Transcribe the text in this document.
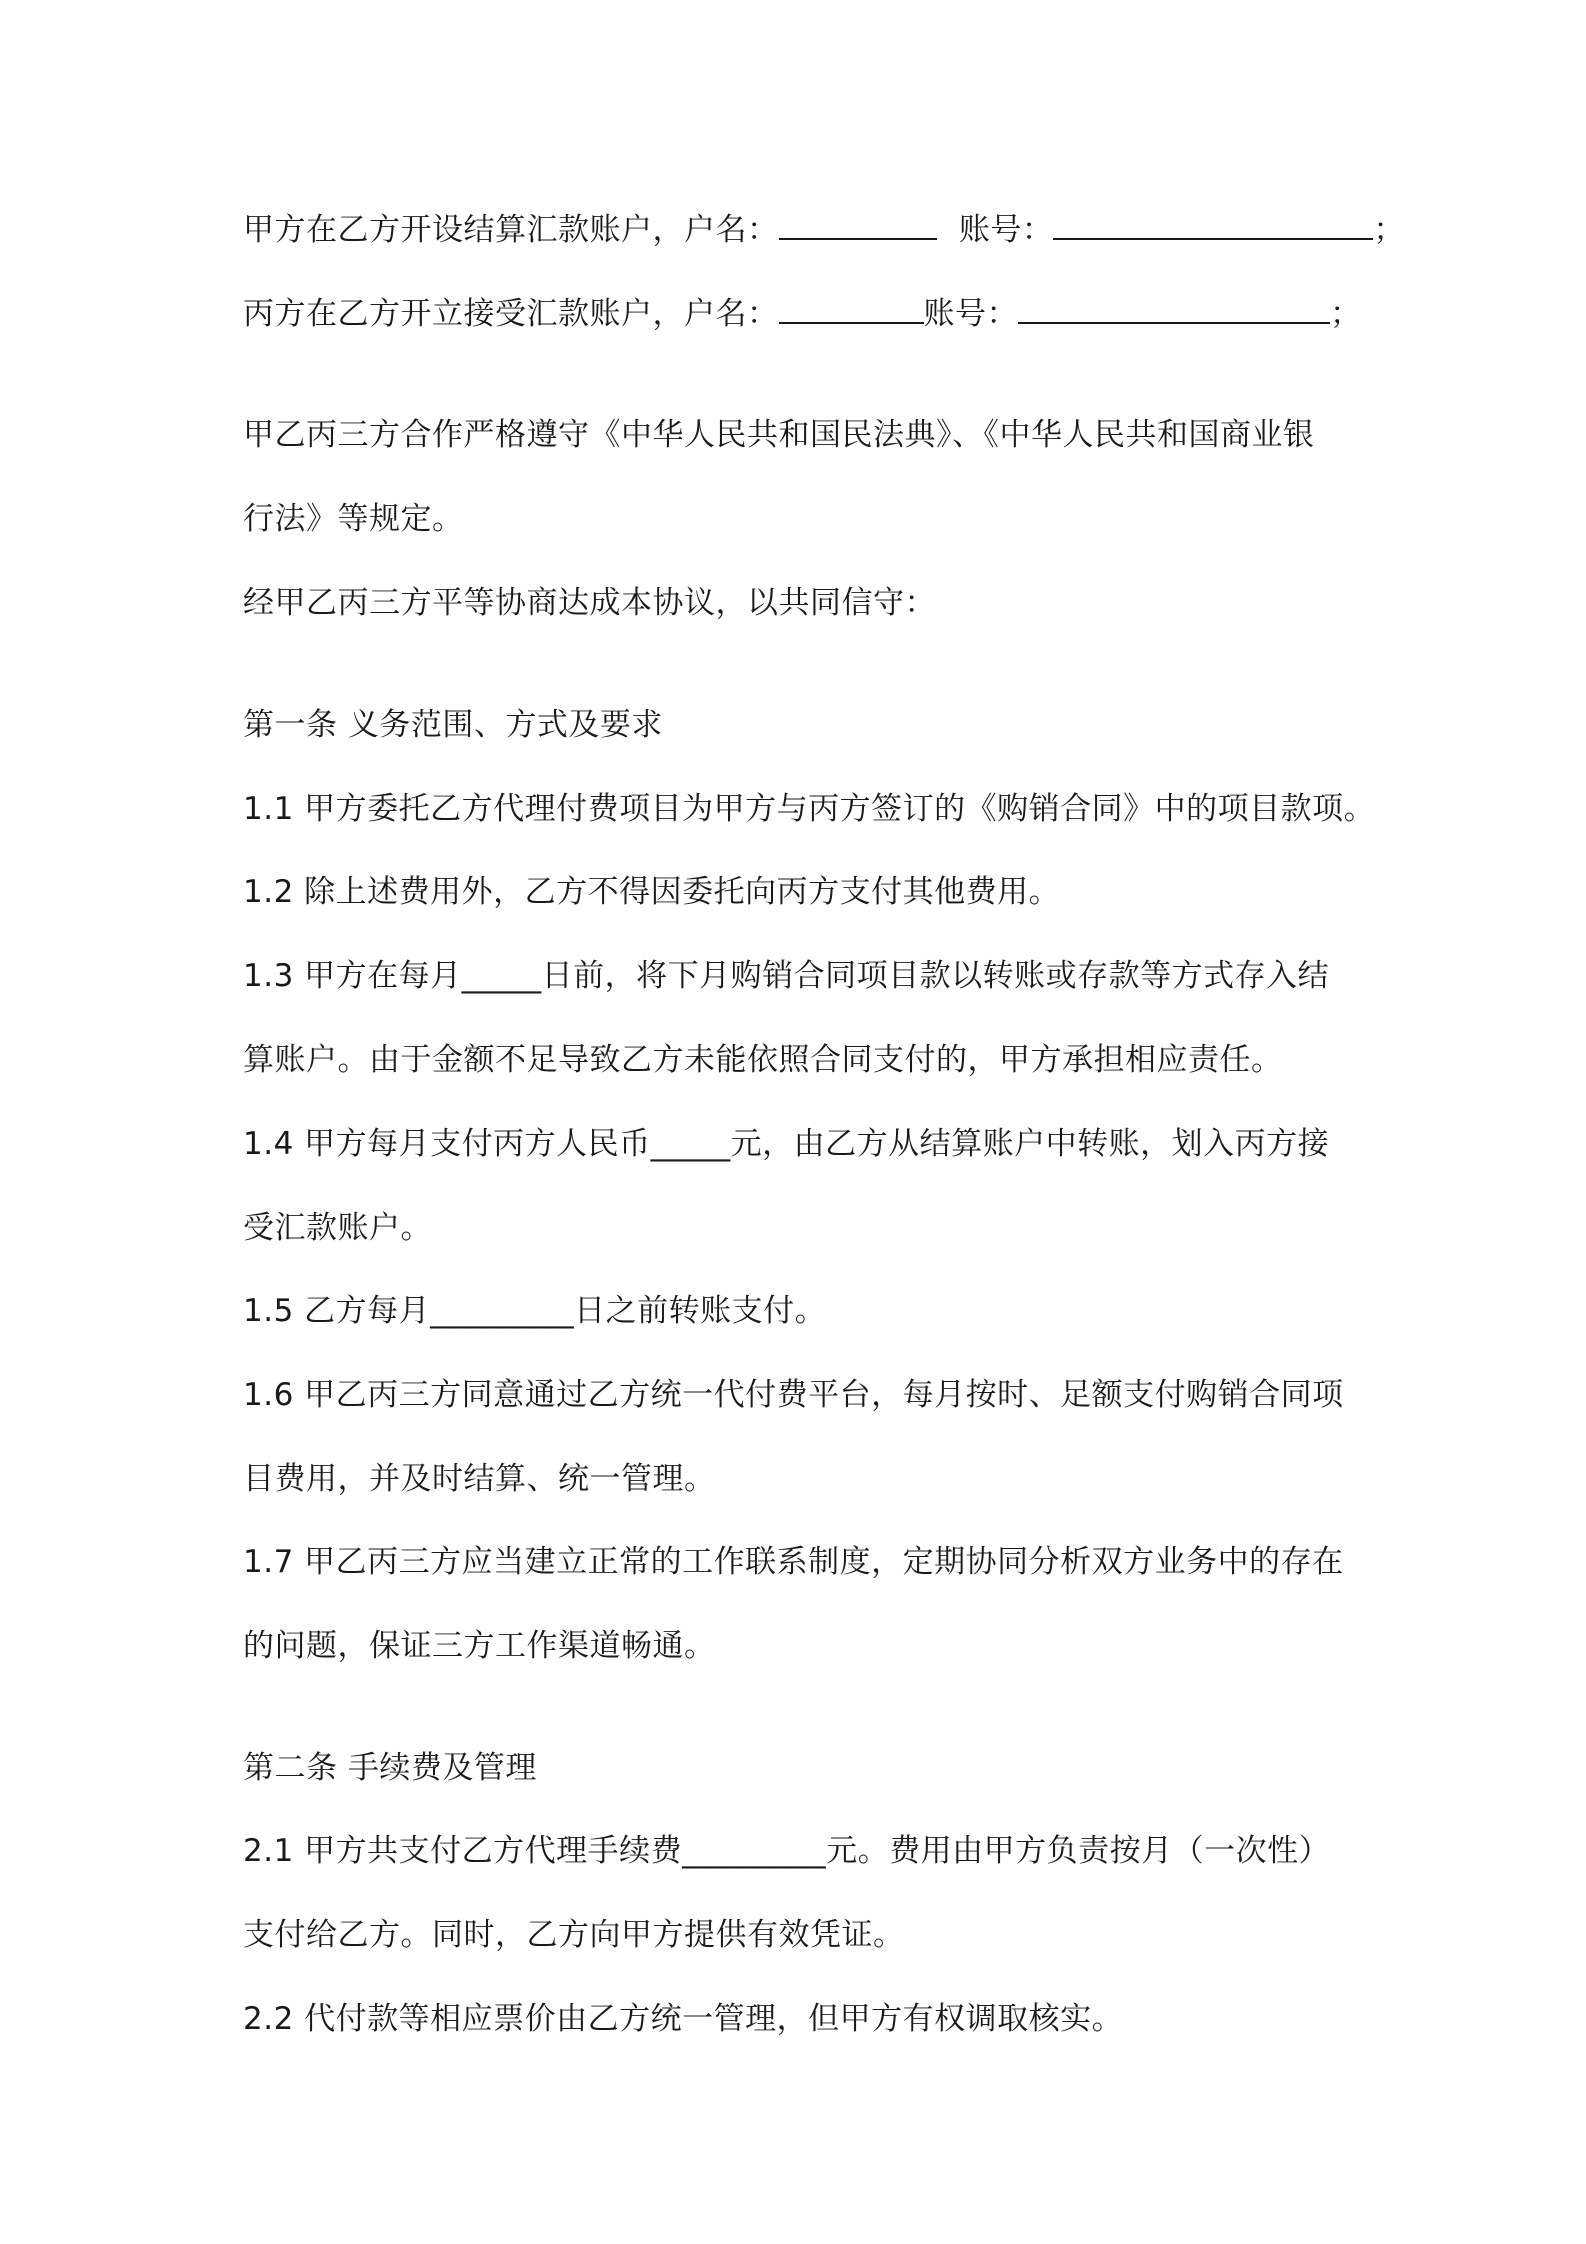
甲方在乙方开设结算汇款账户，户名：	账号：	；
丙方在乙方开立接受汇款账户，户名：	账号：	；
甲乙丙三方合作严格遵守《中华人民共和国民法典》、《中华人民共和国商业银
行法》等规定。
经甲乙丙三方平等协商达成本协议，以共同信守：
第一条 义务范围、方式及要求
1.1 甲方委托乙方代理付费项目为甲方与丙方签订的《购销合同》中的项目款项。
1.2 除上述费用外，乙方不得因委托向丙方支付其他费用。
1.3 甲方在每月_____日前，将下月购销合同项目款以转账或存款等方式存入结
算账户。由于金额不足导致乙方未能依照合同支付的，甲方承担相应责任。
1.4 甲方每月支付丙方人民币_____元，由乙方从结算账户中转账，划入丙方接
受汇款账户。
1.5 乙方每月_________日之前转账支付。
1.6 甲乙丙三方同意通过乙方统一代付费平台，每月按时、足额支付购销合同项
目费用，并及时结算、统一管理。
1.7 甲乙丙三方应当建立正常的工作联系制度，定期协同分析双方业务中的存在
的问题，保证三方工作渠道畅通。
第二条 手续费及管理
2.1 甲方共支付乙方代理手续费_________元。费用由甲方负责按月（一次性）
支付给乙方。同时，乙方向甲方提供有效凭证。
2.2 代付款等相应票价由乙方统一管理，但甲方有权调取核实。
